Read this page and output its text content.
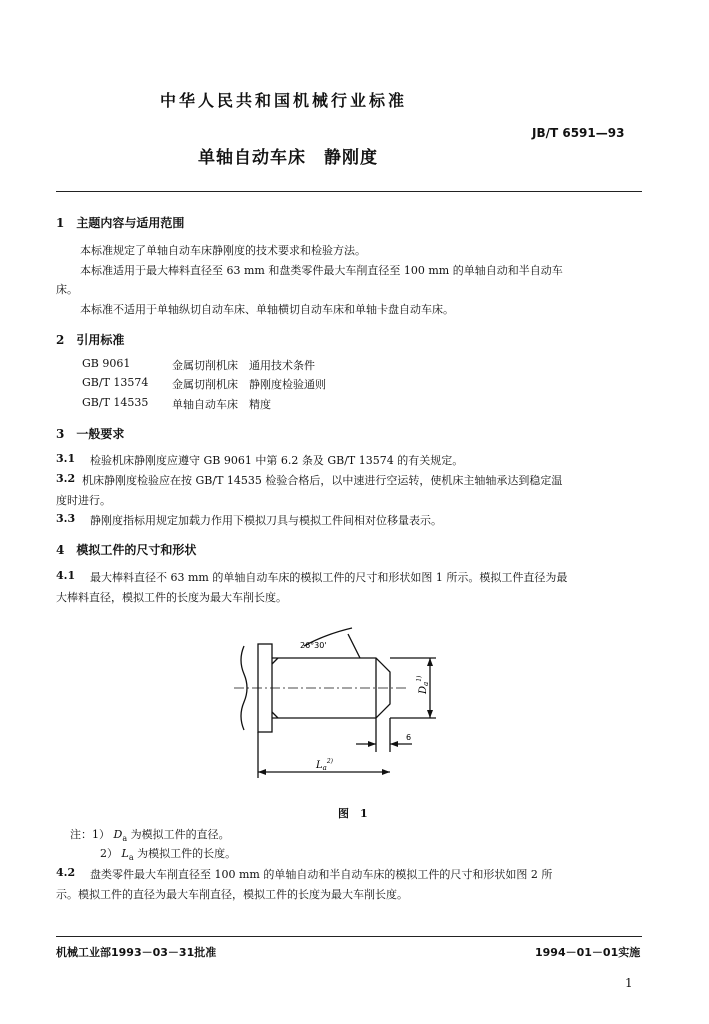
中华人民共和国机械行业标准
JB/T 6591—93
单轴自动车床　静刚度
1　主题内容与适用范围
本标准规定了单轴自动车床静刚度的技术要求和检验方法。
本标准适用于最大棒料直径至 63 mm 和盘类零件最大车削直径至 100 mm 的单轴自动和半自动车
床。
本标准不适用于单轴纵切自动车床、单轴横切自动车床和单轴卡盘自动车床。
2　引用标准
GB 9061	金属切削机床　通用技术条件
GB/T 13574 金属切削机床　静刚度检验通则
GB/T 14535 单轴自动车床　精度
3　一般要求
3.1 检验机床静刚度应遵守 GB 9061 中第 6.2 条及 GB/T 13574 的有关规定。
3.2 机床静刚度检验应在按 GB/T 14535 检验合格后，以中速进行空运转，使机床主轴轴承达到稳定温
度时进行。
3.3 静刚度指标用规定加载力作用下模拟刀具与模拟工件间相对位移量表示。
4　模拟工件的尺寸和形状
4.1 最大棒料直径不 63 mm 的单轴自动车床的模拟工件的尺寸和形状如图 1 所示。模拟工件直径为最
大棒料直径，模拟工件的长度为最大车削长度。
26°30'
$D_a^{1)}$
6
$L_a^{2)}$
图　1
注：1） $D_a$ 为模拟工件的直径。
2） $L_a$ 为模拟工件的长度。
4.2 盘类零件最大车削直径至 100 mm 的单轴自动和半自动车床的模拟工件的尺寸和形状如图 2 所
示。模拟工件的直径为最大车削直径，模拟工件的长度为最大车削长度。
机械工业部1993－03－31批准	1994－01－01实施
1
